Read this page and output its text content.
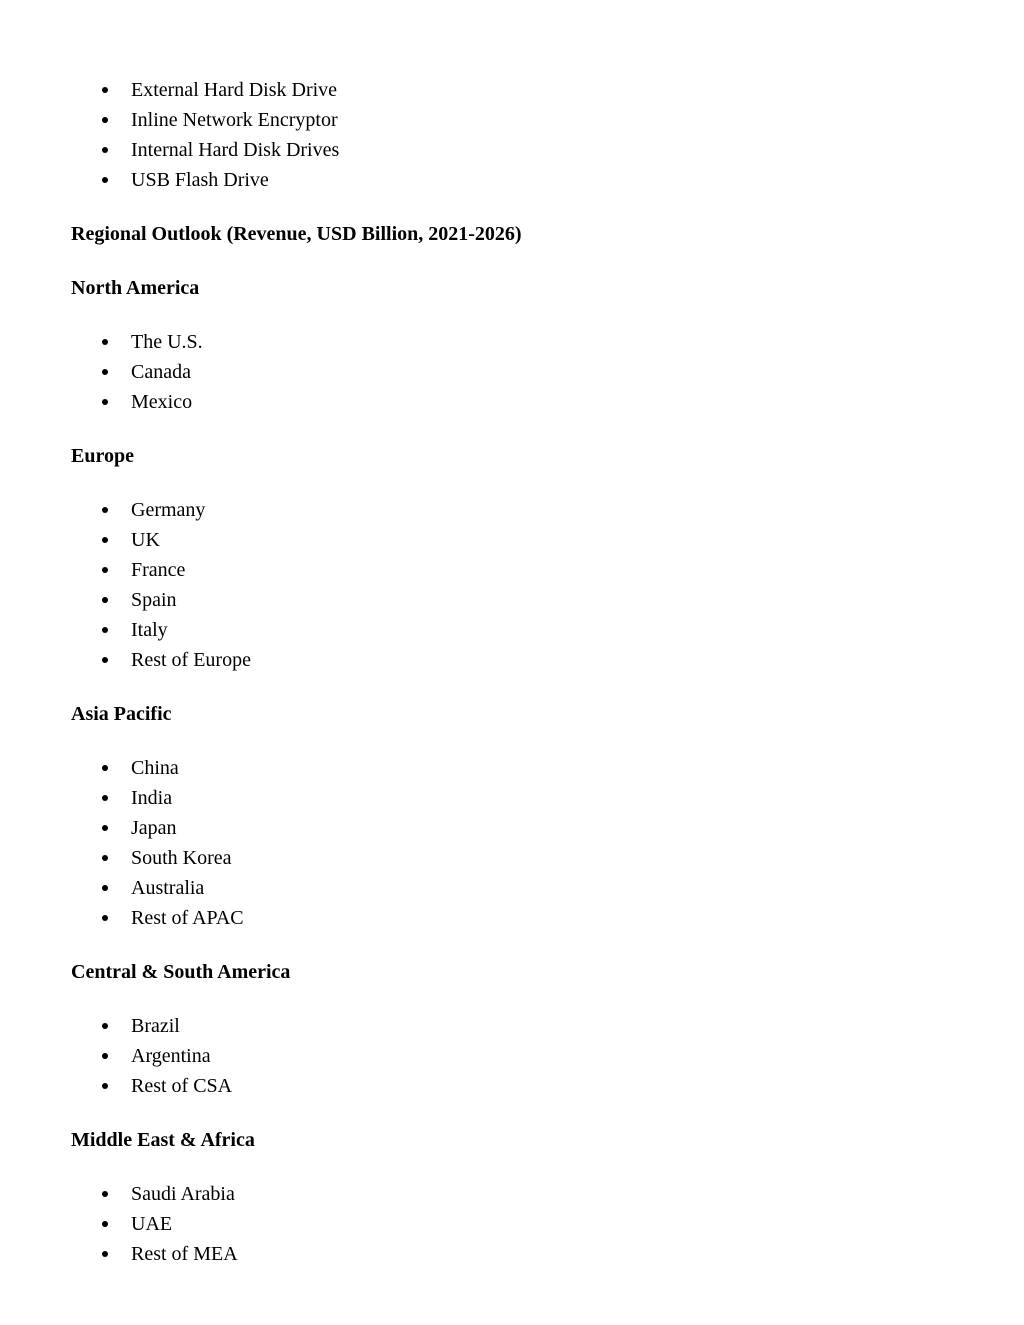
External Hard Disk Drive
Inline Network Encryptor
Internal Hard Disk Drives
USB Flash Drive
Regional Outlook (Revenue, USD Billion, 2021-2026)
North America
The U.S.
Canada
Mexico
Europe
Germany
UK
France
Spain
Italy
Rest of Europe
Asia Pacific
China
India
Japan
South Korea
Australia
Rest of APAC
Central & South America
Brazil
Argentina
Rest of CSA
Middle East & Africa
Saudi Arabia
UAE
Rest of MEA
